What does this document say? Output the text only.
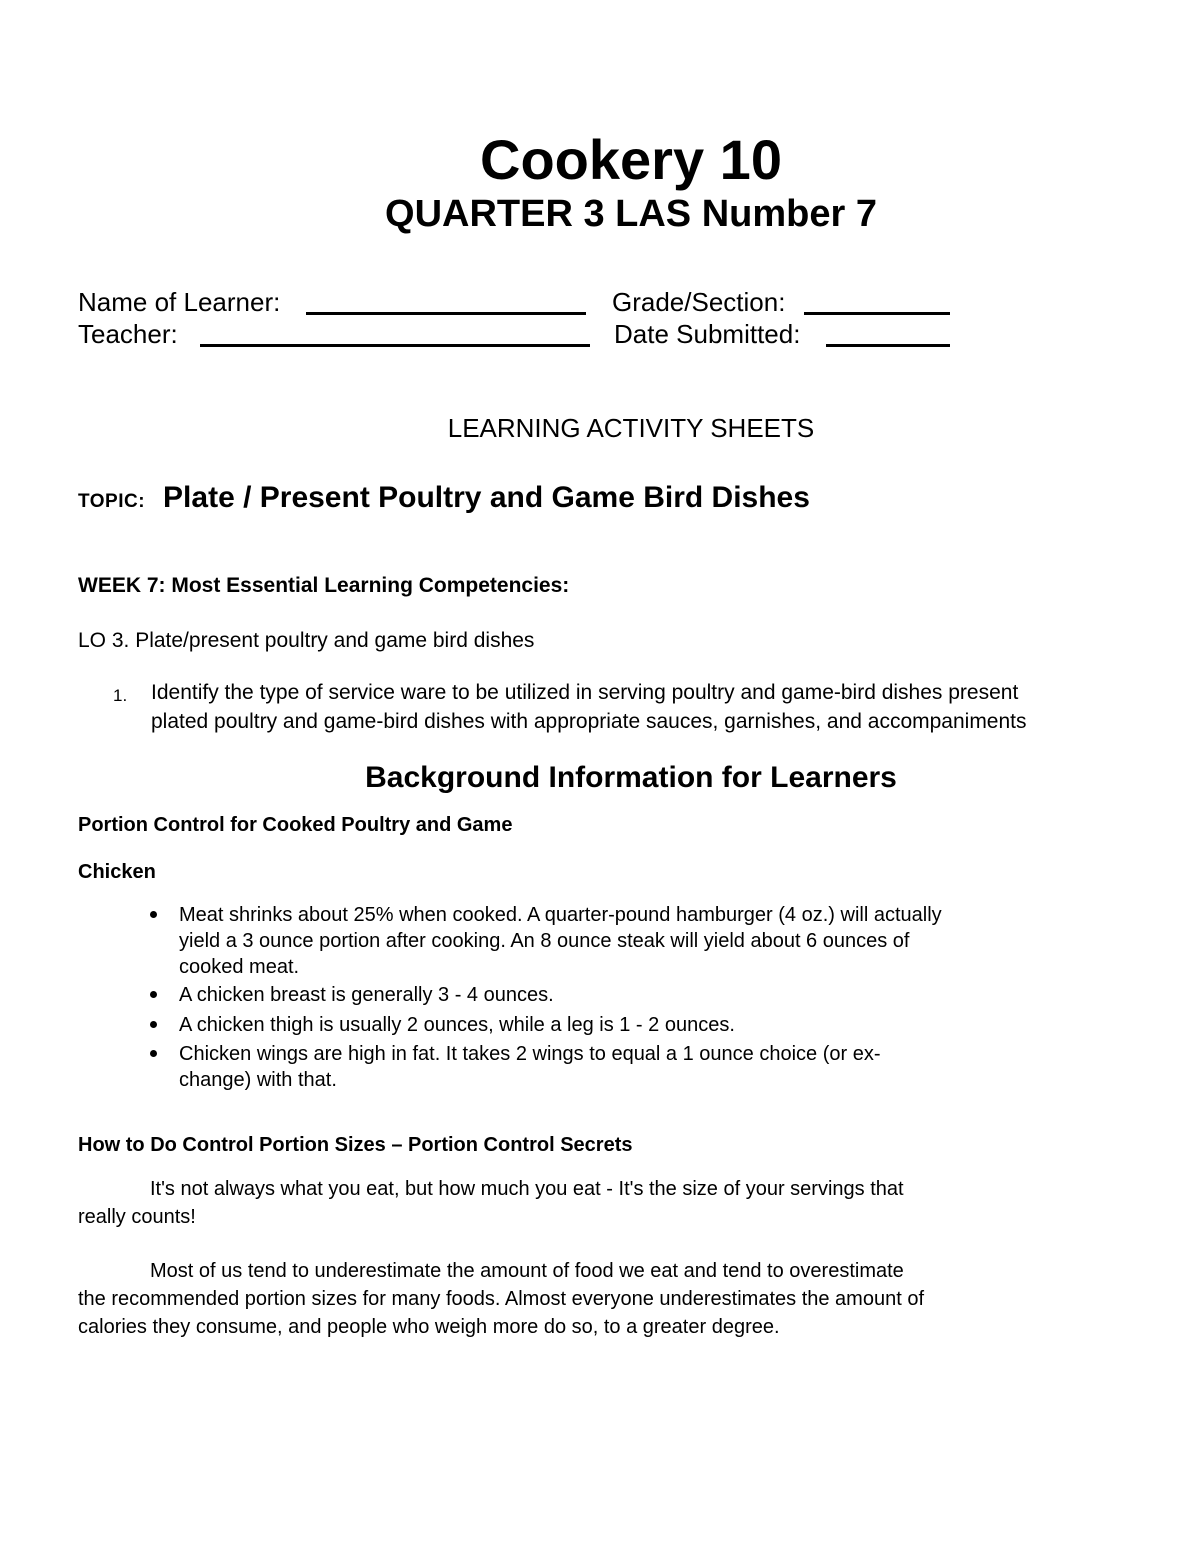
Cookery 10
QUARTER 3 LAS Number 7
Name of Learner:	Grade/Section:
Teacher:	Date Submitted:
LEARNING ACTIVITY SHEETS
TOPIC: Plate / Present Poultry and Game Bird Dishes
WEEK 7: Most Essential Learning Competencies:
LO 3. Plate/present poultry and game bird dishes
1. Identify the type of service ware to be utilized in serving poultry and game-bird dishes present
plated poultry and game-bird dishes with appropriate sauces, garnishes, and accompaniments
Background Information for Learners
Portion Control for Cooked Poultry and Game
Chicken
Meat shrinks about 25% when cooked. A quarter-pound hamburger (4 oz.) will actually
yield a 3 ounce portion after cooking. An 8 ounce steak will yield about 6 ounces of
cooked meat.
A chicken breast is generally 3 - 4 ounces.
A chicken thigh is usually 2 ounces, while a leg is 1 - 2 ounces.
Chicken wings are high in fat. It takes 2 wings to equal a 1 ounce choice (or ex-
change) with that.
How to Do Control Portion Sizes – Portion Control Secrets
It's not always what you eat, but how much you eat - It's the size of your servings that
really counts!
Most of us tend to underestimate the amount of food we eat and tend to overestimate
the recommended portion sizes for many foods. Almost everyone underestimates the amount of
calories they consume, and people who weigh more do so, to a greater degree.
